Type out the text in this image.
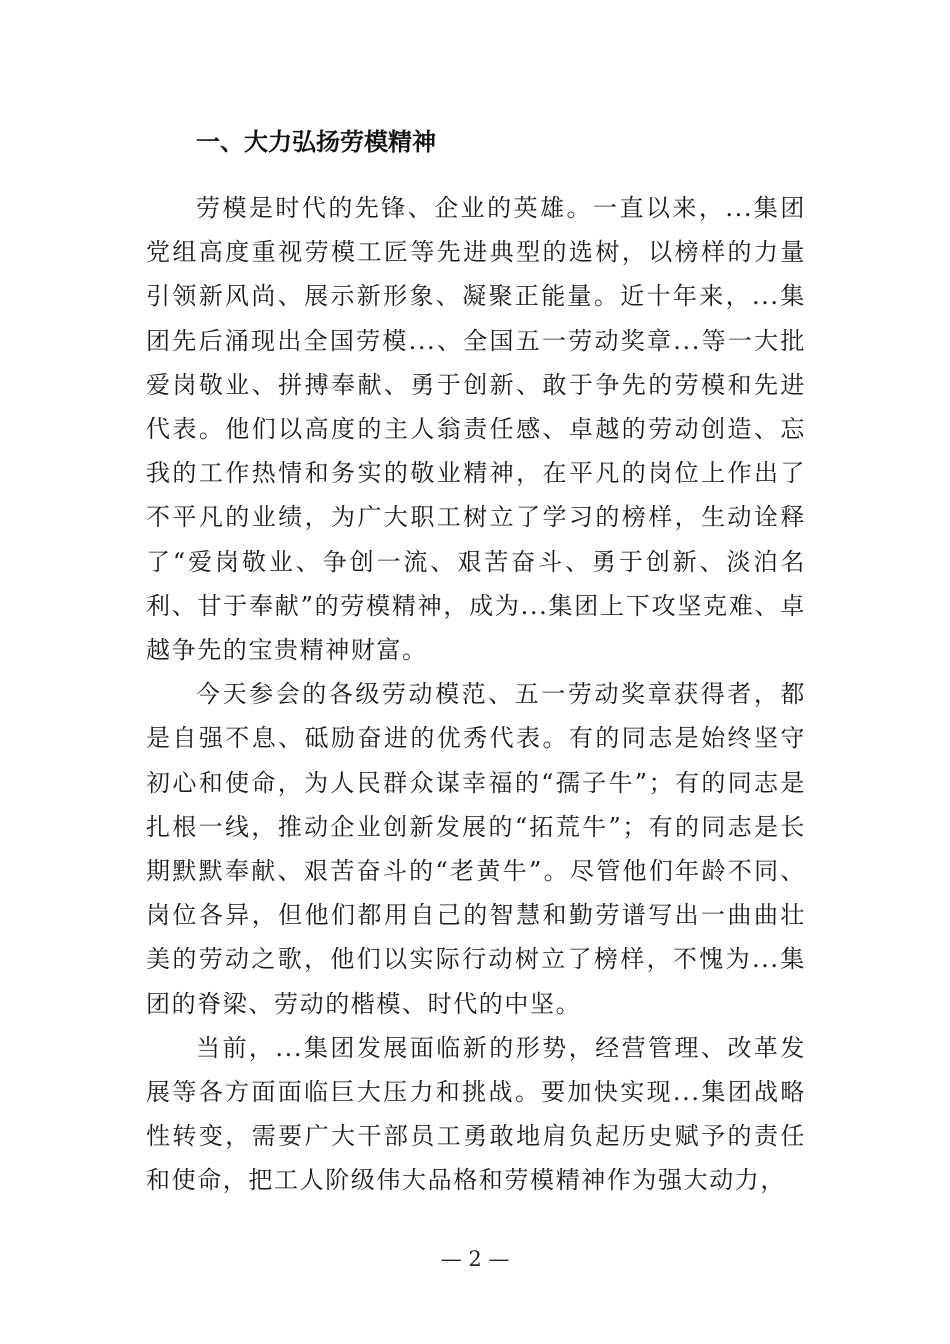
一、大力弘扬劳模精神

劳模是时代的先锋、企业的英雄。一直以来，...集团党组高度重视劳模工匠等先进典型的选树，以榜样的力量引领新风尚、展示新形象、凝聚正能量。近十年来，...集团先后涌现出全国劳模...、全国五一劳动奖章...等一大批爱岗敬业、拼搏奉献、勇于创新、敢于争先的劳模和先进代表。他们以高度的主人翁责任感、卓越的劳动创造、忘我的工作热情和务实的敬业精神，在平凡的岗位上作出了不平凡的业绩，为广大职工树立了学习的榜样，生动诠释了“爱岗敬业、争创一流、艰苦奋斗、勇于创新、淡泊名利、甘于奉献”的劳模精神，成为...集团上下攻坚克难、卓越争先的宝贵精神财富。

今天参会的各级劳动模范、五一劳动奖章获得者，都是自强不息、砥励奋进的优秀代表。有的同志是始终坚守初心和使命，为人民群众谋幸福的“孺子牛”；有的同志是扎根一线，推动企业创新发展的“拓荒牛”；有的同志是长期默默奉献、艰苦奋斗的“老黄牛”。尽管他们年龄不同、岗位各异，但他们都用自己的智慧和勤劳谱写出一曲曲壮美的劳动之歌，他们以实际行动树立了榜样，不愧为...集团的脊梁、劳动的楷模、时代的中坚。

当前，...集团发展面临新的形势，经营管理、改革发展等各方面面临巨大压力和挑战。要加快实现...集团战略性转变，需要广大干部员工勇敢地肩负起历史赋予的责任和使命，把工人阶级伟大品格和劳模精神作为强大动力，

— 2 —
